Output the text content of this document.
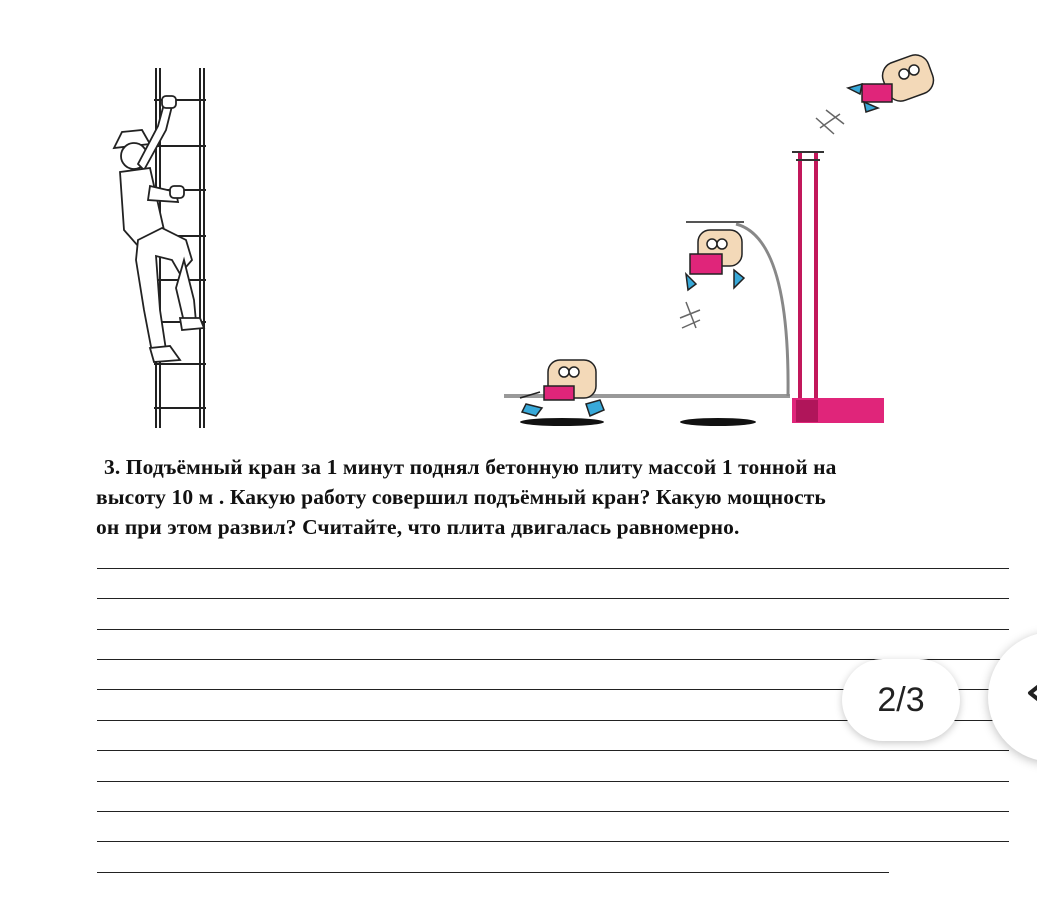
3. Подъёмный кран за 1 минут поднял бетонную плиту массой 1 тонной на

высоту 10 м . Какую работу совершил подъёмный кран? Какую мощность

он при этом развил? Считайте, что плита двигалась равномерно.

2/3
